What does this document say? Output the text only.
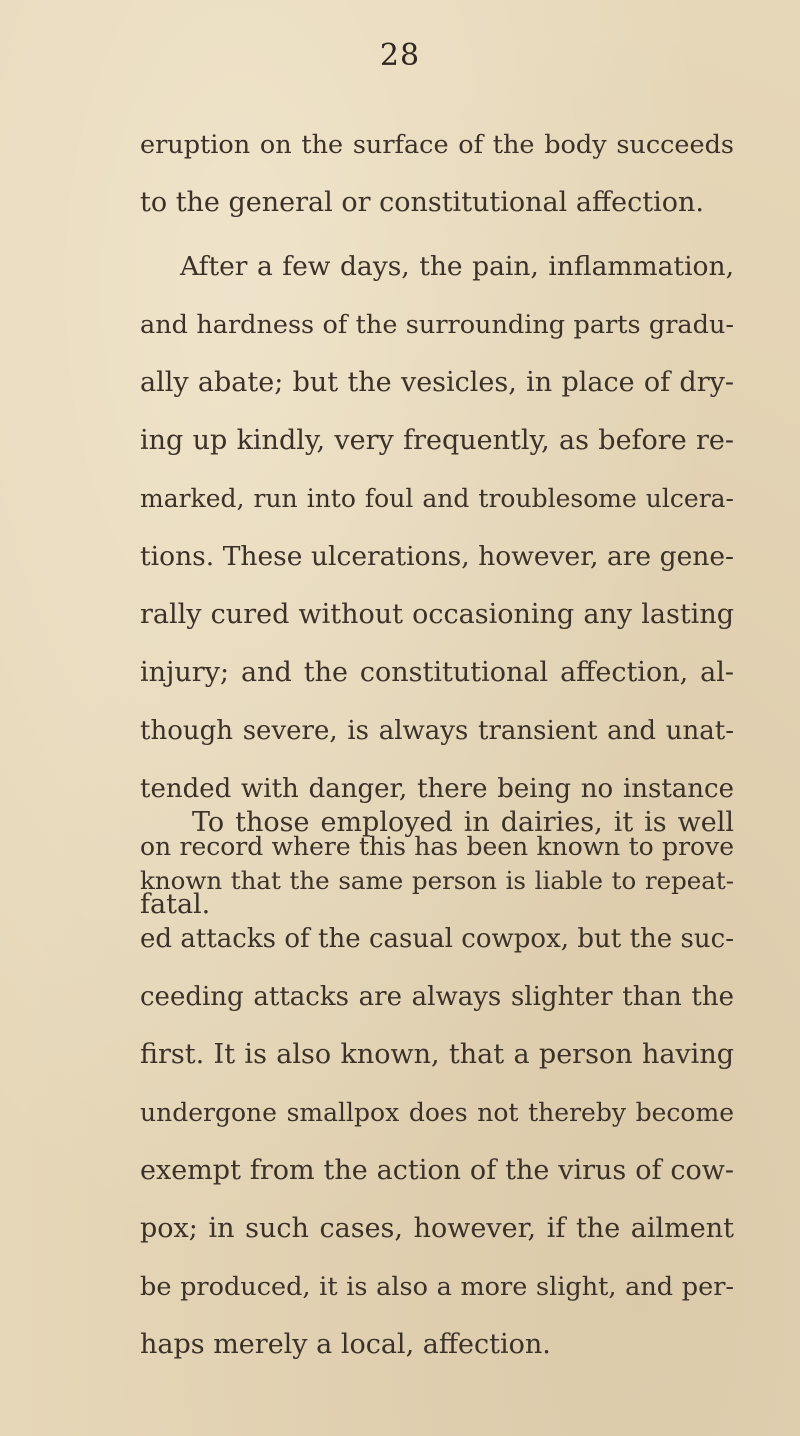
28
eruption on the surface of the body succeeds
to the general or constitutional affection.
After a few days, the pain, inflammation,
and hardness of the surrounding parts gradu-
ally abate; but the vesicles, in place of dry-
ing up kindly, very frequently, as before re-
marked, run into foul and troublesome ulcera-
tions. These ulcerations, however, are gene-
rally cured without occasioning any lasting
injury; and the constitutional affection, al-
though severe, is always transient and unat-
tended with danger, there being no instance
on record where this has been known to prove
fatal.
To those employed in dairies, it is well
known that the same person is liable to repeat-
ed attacks of the casual cowpox, but the suc-
ceeding attacks are always slighter than the
first. It is also known, that a person having
undergone smallpox does not thereby become
exempt from the action of the virus of cow-
pox; in such cases, however, if the ailment
be produced, it is also a more slight, and per-
haps merely a local, affection.
